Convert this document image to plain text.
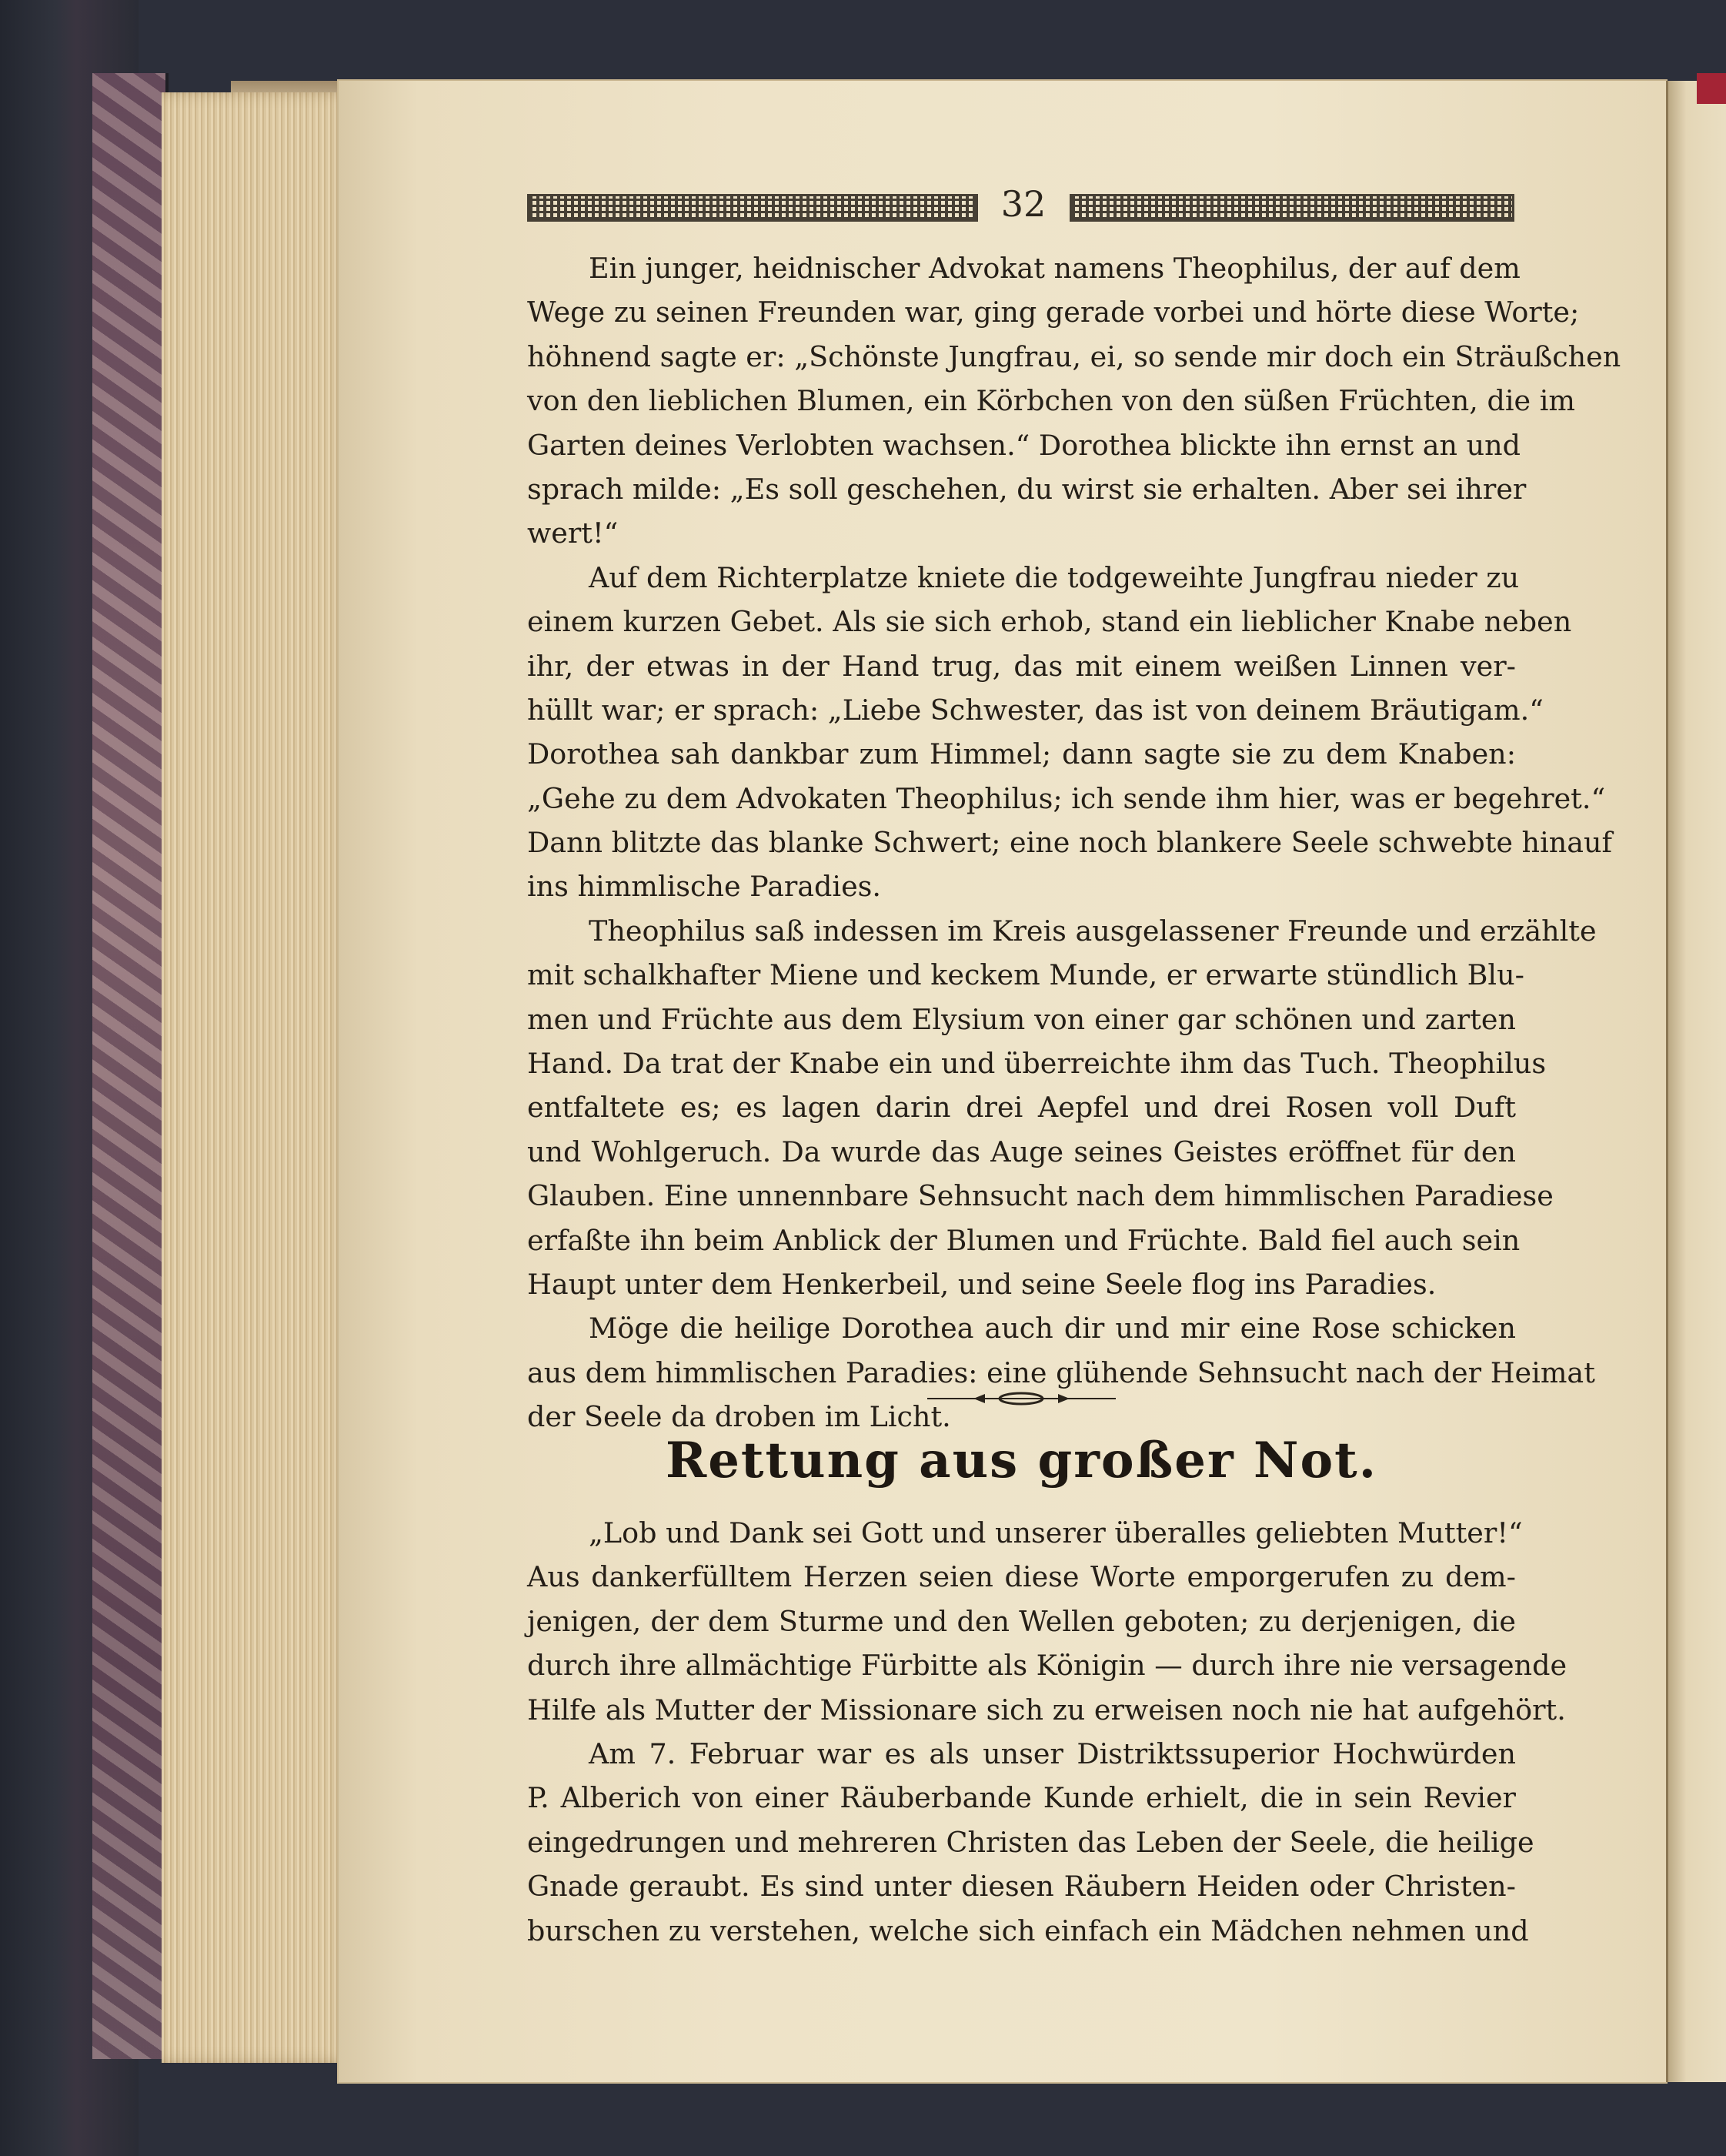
32
Ein junger, heidnischer Advokat namens Theophilus, der auf dem
Wege zu seinen Freunden war, ging gerade vorbei und hörte diese Worte;
höhnend sagte er: „Schönste Jungfrau, ei, so sende mir doch ein Sträußchen
von den lieblichen Blumen, ein Körbchen von den süßen Früchten, die im
Garten deines Verlobten wachsen.“ Dorothea blickte ihn ernst an und
sprach milde: „Es soll geschehen, du wirst sie erhalten. Aber sei ihrer
wert!“
Auf dem Richterplatze kniete die todgeweihte Jungfrau nieder zu
einem kurzen Gebet. Als sie sich erhob, stand ein lieblicher Knabe neben
ihr, der etwas in der Hand trug, das mit einem weißen Linnen ver-
hüllt war; er sprach: „Liebe Schwester, das ist von deinem Bräutigam.“
Dorothea sah dankbar zum Himmel; dann sagte sie zu dem Knaben:
„Gehe zu dem Advokaten Theophilus; ich sende ihm hier, was er begehret.“
Dann blitzte das blanke Schwert; eine noch blankere Seele schwebte hinauf
ins himmlische Paradies.
Theophilus saß indessen im Kreis ausgelassener Freunde und erzählte
mit schalkhafter Miene und keckem Munde, er erwarte stündlich Blu-
men und Früchte aus dem Elysium von einer gar schönen und zarten
Hand. Da trat der Knabe ein und überreichte ihm das Tuch. Theophilus
entfaltete es; es lagen darin drei Aepfel und drei Rosen voll Duft
und Wohlgeruch. Da wurde das Auge seines Geistes eröffnet für den
Glauben. Eine unnennbare Sehnsucht nach dem himmlischen Paradiese
erfaßte ihn beim Anblick der Blumen und Früchte. Bald fiel auch sein
Haupt unter dem Henkerbeil, und seine Seele flog ins Paradies.
Möge die heilige Dorothea auch dir und mir eine Rose schicken
aus dem himmlischen Paradies: eine glühende Sehnsucht nach der Heimat
der Seele da droben im Licht.
Rettung aus großer Not.
„Lob und Dank sei Gott und unserer überalles geliebten Mutter!“
Aus dankerfülltem Herzen seien diese Worte emporgerufen zu dem-
jenigen, der dem Sturme und den Wellen geboten; zu derjenigen, die
durch ihre allmächtige Fürbitte als Königin — durch ihre nie versagende
Hilfe als Mutter der Missionare sich zu erweisen noch nie hat aufgehört.
Am 7. Februar war es als unser Distriktssuperior Hochwürden
P. Alberich von einer Räuberbande Kunde erhielt, die in sein Revier
eingedrungen und mehreren Christen das Leben der Seele, die heilige
Gnade geraubt. Es sind unter diesen Räubern Heiden oder Christen-
burschen zu verstehen, welche sich einfach ein Mädchen nehmen und
